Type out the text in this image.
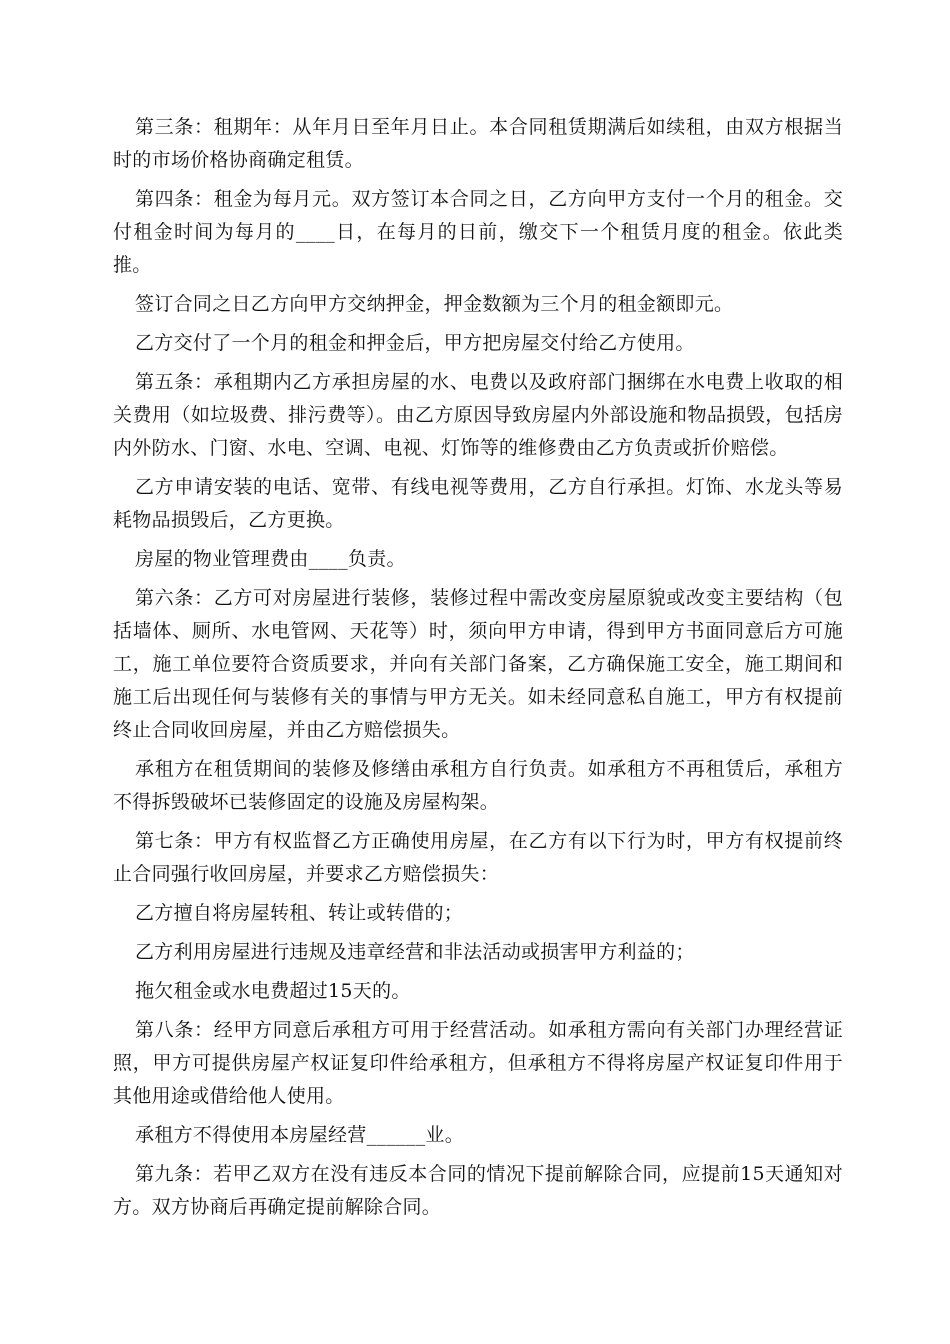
第三条：租期年：从年月日至年月日止。本合同租赁期满后如续租，由双方根据当时的市场价格协商确定租赁。

第四条：租金为每月元。双方签订本合同之日，乙方向甲方支付一个月的租金。交付租金时间为每月的____日，在每月的日前，缴交下一个租赁月度的租金。依此类推。

签订合同之日乙方向甲方交纳押金，押金数额为三个月的租金额即元。

乙方交付了一个月的租金和押金后，甲方把房屋交付给乙方使用。

第五条：承租期内乙方承担房屋的水、电费以及政府部门捆绑在水电费上收取的相关费用（如垃圾费、排污费等）。由乙方原因导致房屋内外部设施和物品损毁，包括房内外防水、门窗、水电、空调、电视、灯饰等的维修费由乙方负责或折价赔偿。

乙方申请安装的电话、宽带、有线电视等费用，乙方自行承担。灯饰、水龙头等易耗物品损毁后，乙方更换。

房屋的物业管理费由____负责。

第六条：乙方可对房屋进行装修，装修过程中需改变房屋原貌或改变主要结构（包括墙体、厕所、水电管网、天花等）时，须向甲方申请，得到甲方书面同意后方可施工，施工单位要符合资质要求，并向有关部门备案，乙方确保施工安全，施工期间和施工后出现任何与装修有关的事情与甲方无关。如未经同意私自施工，甲方有权提前终止合同收回房屋，并由乙方赔偿损失。

承租方在租赁期间的装修及修缮由承租方自行负责。如承租方不再租赁后，承租方不得拆毁破坏已装修固定的设施及房屋构架。

第七条：甲方有权监督乙方正确使用房屋，在乙方有以下行为时，甲方有权提前终止合同强行收回房屋，并要求乙方赔偿损失：

乙方擅自将房屋转租、转让或转借的；

乙方利用房屋进行违规及违章经营和非法活动或损害甲方利益的；

拖欠租金或水电费超过15天的。

第八条：经甲方同意后承租方可用于经营活动。如承租方需向有关部门办理经营证照，甲方可提供房屋产权证复印件给承租方，但承租方不得将房屋产权证复印件用于其他用途或借给他人使用。

承租方不得使用本房屋经营______业。

第九条：若甲乙双方在没有违反本合同的情况下提前解除合同，应提前15天通知对方。双方协商后再确定提前解除合同。
